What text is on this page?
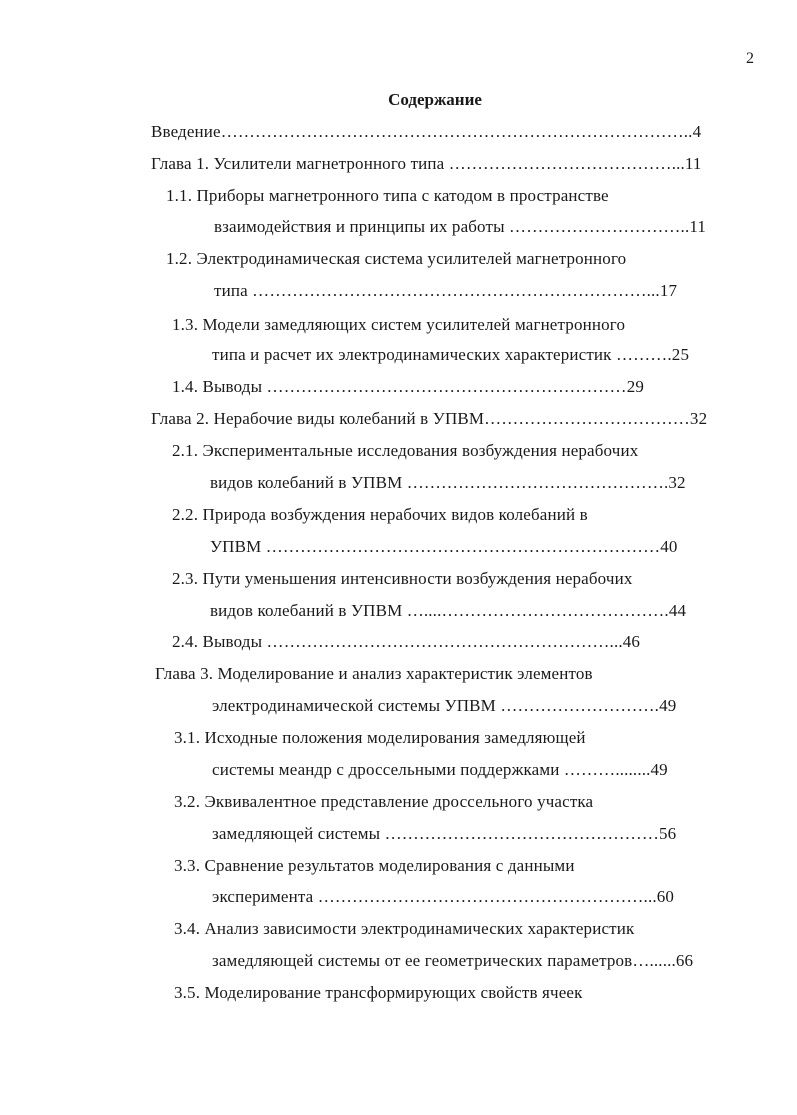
2
Содержание
Введение………………………………………………………………………..4
Глава 1. Усилители магнетронного типа …………………………………...11
1.1. Приборы магнетронного типа с катодом в пространстве
взаимодействия и принципы их работы …………………………..11
1.2. Электродинамическая система усилителей магнетронного
типа ……………………………………………………………...17
1.3. Модели замедляющих систем усилителей магнетронного
типа и расчет их электродинамических характеристик ……….25
1.4. Выводы ………………………………………………………29
Глава 2. Нерабочие виды колебаний в УПВМ………………………………32
2.1. Экспериментальные исследования возбуждения нерабочих
видов колебаний в УПВМ ……………………………………….32
2.2. Природа возбуждения нерабочих видов колебаний в
УПВМ ……………………………………………………………40
2.3. Пути уменьшения интенсивности возбуждения нерабочих
видов колебаний в УПВМ …....………………………………….44
2.4. Выводы ……………………………………………………...46
Глава 3. Моделирование и анализ характеристик элементов
электродинамической системы УПВМ ……………………….49
3.1. Исходные положения моделирования замедляющей
системы меандр с дроссельными поддержками ………........49
3.2. Эквивалентное представление дроссельного участка
замедляющей системы …………………………………………56
3.3. Сравнение результатов моделирования с данными
эксперимента …………………………………………………...60
3.4. Анализ зависимости электродинамических характеристик
замедляющей системы от ее геометрических параметров…......66
3.5. Моделирование трансформирующих свойств ячеек
